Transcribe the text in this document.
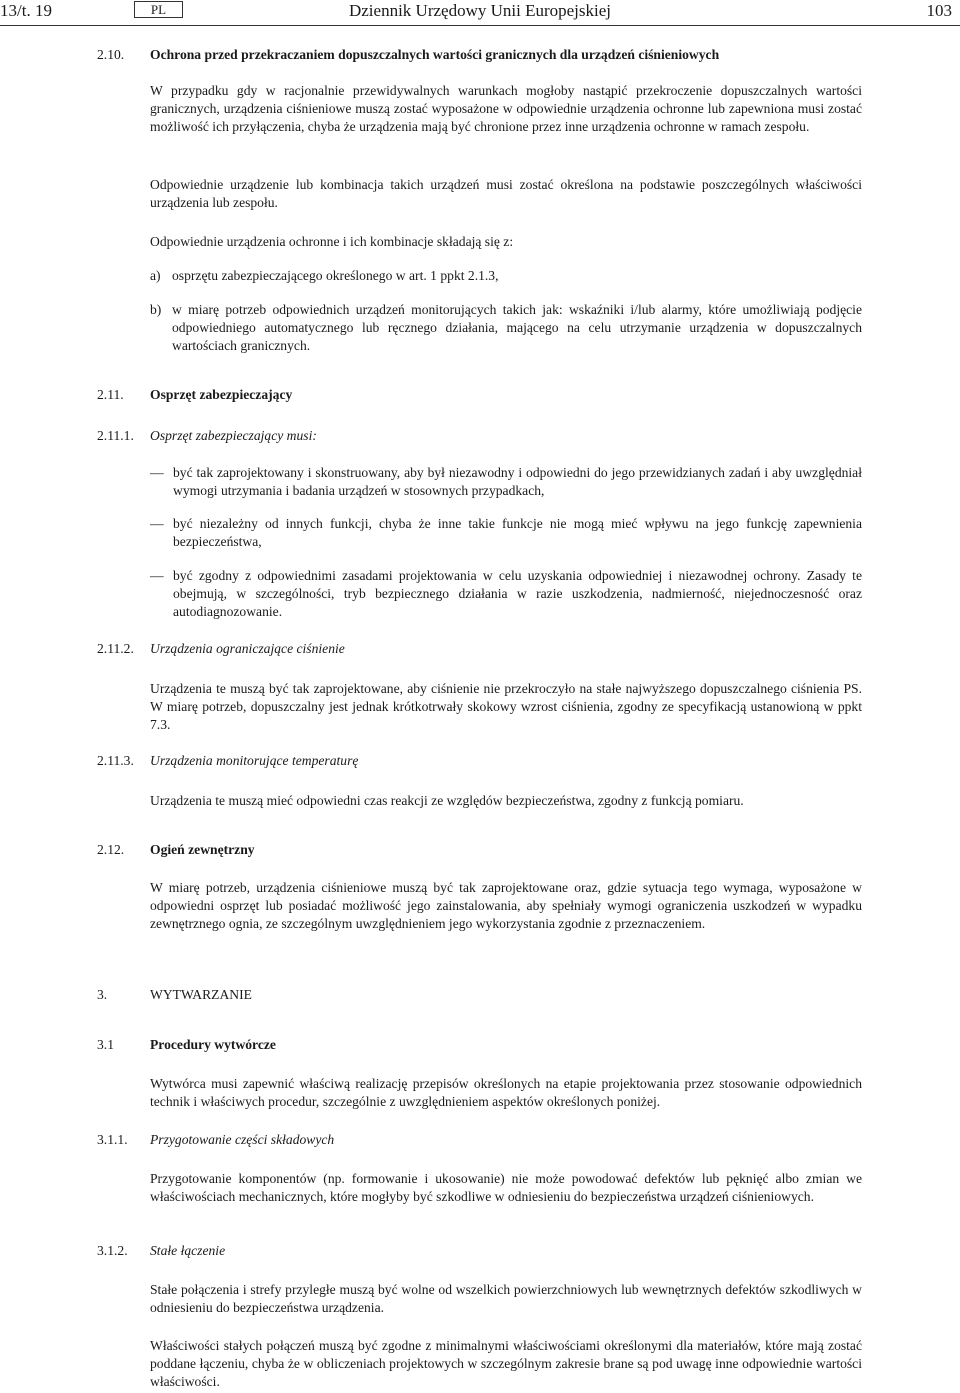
13/t. 19	PL	Dziennik Urzędowy Unii Europejskiej	103
2.10. Ochrona przed przekraczaniem dopuszczalnych wartości granicznych dla urządzeń ciśnieniowych

W przypadku gdy w racjonalnie przewidywalnych warunkach mogłoby nastąpić przekroczenie dopuszczalnych wartości granicznych, urządzenia ciśnieniowe muszą zostać wyposażone w odpowiednie urządzenia ochronne lub zapewniona musi zostać możliwość ich przyłączenia, chyba że urządzenia mają być chronione przez inne urządzenia ochronne w ramach zespołu.

Odpowiednie urządzenie lub kombinacja takich urządzeń musi zostać określona na podstawie poszczególnych właściwości urządzenia lub zespołu.

Odpowiednie urządzenia ochronne i ich kombinacje składają się z:

a) osprzętu zabezpieczającego określonego w art. 1 ppkt 2.1.3,
b) w miarę potrzeb odpowiednich urządzeń monitorujących takich jak: wskaźniki i/lub alarmy, które umożliwiają podjęcie odpowiedniego automatycznego lub ręcznego działania, mającego na celu utrzymanie urządzenia w dopuszczalnych wartościach granicznych.
2.11. Osprzęt zabezpieczający
2.11.1. Osprzęt zabezpieczający musi:
— być tak zaprojektowany i skonstruowany, aby był niezawodny i odpowiedni do jego przewidzianych zadań i aby uwzględniał wymogi utrzymania i badania urządzeń w stosownych przypadkach,
— być niezależny od innych funkcji, chyba że inne takie funkcje nie mogą mieć wpływu na jego funkcję zapewnienia bezpieczeństwa,
— być zgodny z odpowiednimi zasadami projektowania w celu uzyskania odpowiedniej i niezawodnej ochrony. Zasady te obejmują, w szczególności, tryb bezpiecznego działania w razie uszkodzenia, nadmierność, niejednoczesność oraz autodiagnozowanie.
2.11.2. Urządzenia ograniczające ciśnienie

Urządzenia te muszą być tak zaprojektowane, aby ciśnienie nie przekroczyło na stałe najwyższego dopuszczalnego ciśnienia PS. W miarę potrzeb, dopuszczalny jest jednak krótkotrwały skokowy wzrost ciśnienia, zgodny ze specyfikacją ustanowioną w ppkt 7.3.

2.11.3. Urządzenia monitorujące temperaturę

Urządzenia te muszą mieć odpowiedni czas reakcji ze względów bezpieczeństwa, zgodny z funkcją pomiaru.

2.12. Ogień zewnętrzny

W miarę potrzeb, urządzenia ciśnieniowe muszą być tak zaprojektowane oraz, gdzie sytuacja tego wymaga, wyposażone w odpowiedni osprzęt lub posiadać możliwość jego zainstalowania, aby spełniały wymogi ograniczenia uszkodzeń w wypadku zewnętrznego ognia, ze szczególnym uwzględnieniem jego wykorzystania zgodnie z przeznaczeniem.

3.	WYTWARZANIE
3.1	Procedury wytwórcze

Wytwórca musi zapewnić właściwą realizację przepisów określonych na etapie projektowania przez stosowanie odpowiednich technik i właściwych procedur, szczególnie z uwzględnieniem aspektów określonych poniżej.

3.1.1. Przygotowanie części składowych

Przygotowanie komponentów (np. formowanie i ukosowanie) nie może powodować defektów lub pęknięć albo zmian we właściwościach mechanicznych, które mogłyby być szkodliwe w odniesieniu do bezpieczeństwa urządzeń ciśnieniowych.

3.1.2. Stałe łączenie

Stałe połączenia i strefy przyległe muszą być wolne od wszelkich powierzchniowych lub wewnętrznych defektów szkodliwych w odniesieniu do bezpieczeństwa urządzenia.

Właściwości stałych połączeń muszą być zgodne z minimalnymi właściwościami określonymi dla materiałów, które mają zostać poddane łączeniu, chyba że w obliczeniach projektowych w szczególnym zakresie brane są pod uwagę inne odpowiednie wartości właściwości.
